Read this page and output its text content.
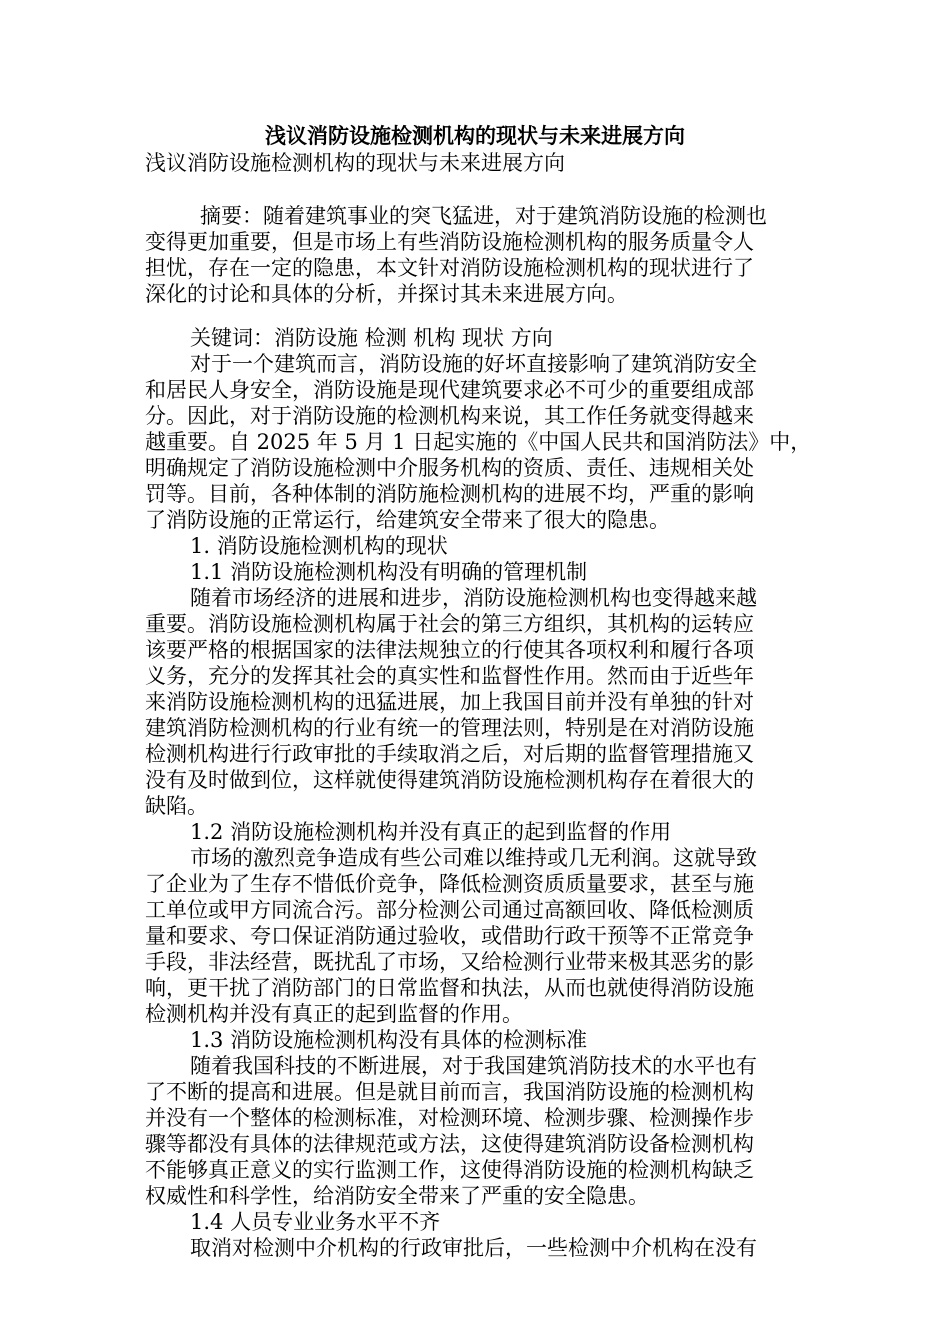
浅议消防设施检测机构的现状与未来进展方向
浅议消防设施检测机构的现状与未来进展方向
摘要：随着建筑事业的突飞猛进，对于建筑消防设施的检测也
变得更加重要，但是市场上有些消防设施检测机构的服务质量令人
担忧，存在一定的隐患，本文针对消防设施检测机构的现状进行了
深化的讨论和具体的分析，并探讨其未来进展方向。
关键词：消防设施 检测 机构 现状 方向
对于一个建筑而言，消防设施的好坏直接影响了建筑消防安全
和居民人身安全，消防设施是现代建筑要求必不可少的重要组成部
分。因此，对于消防设施的检测机构来说，其工作任务就变得越来
越重要。自 2025 年 5 月 1 日起实施的《中国人民共和国消防法》中，
明确规定了消防设施检测中介服务机构的资质、责任、违规相关处
罚等。目前，各种体制的消防施检测机构的进展不均，严重的影响
了消防设施的正常运行，给建筑安全带来了很大的隐患。
1. 消防设施检测机构的现状
1.1 消防设施检测机构没有明确的管理机制
随着市场经济的进展和进步，消防设施检测机构也变得越来越
重要。消防设施检测机构属于社会的第三方组织，其机构的运转应
该要严格的根据国家的法律法规独立的行使其各项权利和履行各项
义务，充分的发挥其社会的真实性和监督性作用。然而由于近些年
来消防设施检测机构的迅猛进展，加上我国目前并没有单独的针对
建筑消防检测机构的行业有统一的管理法则，特别是在对消防设施
检测机构进行行政审批的手续取消之后，对后期的监督管理措施又
没有及时做到位，这样就使得建筑消防设施检测机构存在着很大的
缺陷。
1.2 消防设施检测机构并没有真正的起到监督的作用
市场的激烈竞争造成有些公司难以维持或几无利润。这就导致
了企业为了生存不惜低价竞争，降低检测资质质量要求，甚至与施
工单位或甲方同流合污。部分检测公司通过高额回收、降低检测质
量和要求、夸口保证消防通过验收，或借助行政干预等不正常竞争
手段，非法经营，既扰乱了市场，又给检测行业带来极其恶劣的影
响，更干扰了消防部门的日常监督和执法，从而也就使得消防设施
检测机构并没有真正的起到监督的作用。
1.3 消防设施检测机构没有具体的检测标准
随着我国科技的不断进展，对于我国建筑消防技术的水平也有
了不断的提高和进展。但是就目前而言，我国消防设施的检测机构
并没有一个整体的检测标准，对检测环境、检测步骤、检测操作步
骤等都没有具体的法律规范或方法，这使得建筑消防设备检测机构
不能够真正意义的实行监测工作，这使得消防设施的检测机构缺乏
权威性和科学性，给消防安全带来了严重的安全隐患。
1.4 人员专业业务水平不齐
取消对检测中介机构的行政审批后，一些检测中介机构在没有
